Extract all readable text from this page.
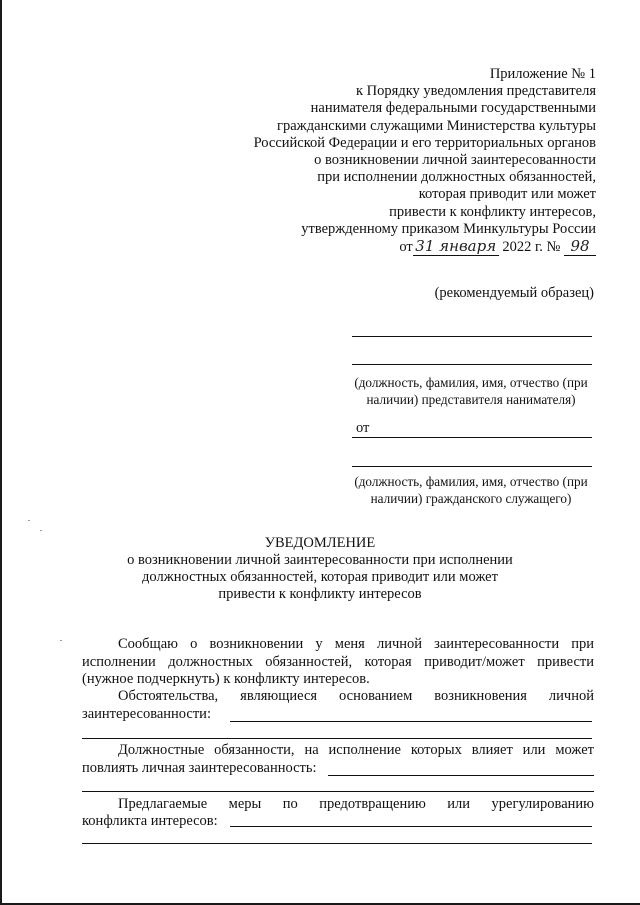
Приложение № 1
к Порядку уведомления представителя
нанимателя федеральными государственными
гражданскими служащими Министерства культуры
Российской Федерации и его территориальных органов
о возникновении личной заинтересованности
при исполнении должностных обязанностей,
которая приводит или может
привести к конфликту интересов,
утвержденному приказом Минкультуры России
от 31 января 2022 г. № 98
(рекомендуемый образец)
(должность, фамилия, имя, отчество (при наличии) представителя нанимателя)
от
(должность, фамилия, имя, отчество (при наличии) гражданского служащего)
УВЕДОМЛЕНИЕ
о возникновении личной заинтересованности при исполнении
должностных обязанностей, которая приводит или может
привести к конфликту интересов
Сообщаю о возникновении у меня личной заинтересованности при исполнении должностных обязанностей, которая приводит/может привести (нужное подчеркнуть) к конфликту интересов.
Обстоятельства, являющиеся основанием возникновения личной
заинтересованности:
Должностные обязанности, на исполнение которых влияет или может
повлиять личная заинтересованность:
Предлагаемые меры по предотвращению или урегулированию
конфликта интересов:
